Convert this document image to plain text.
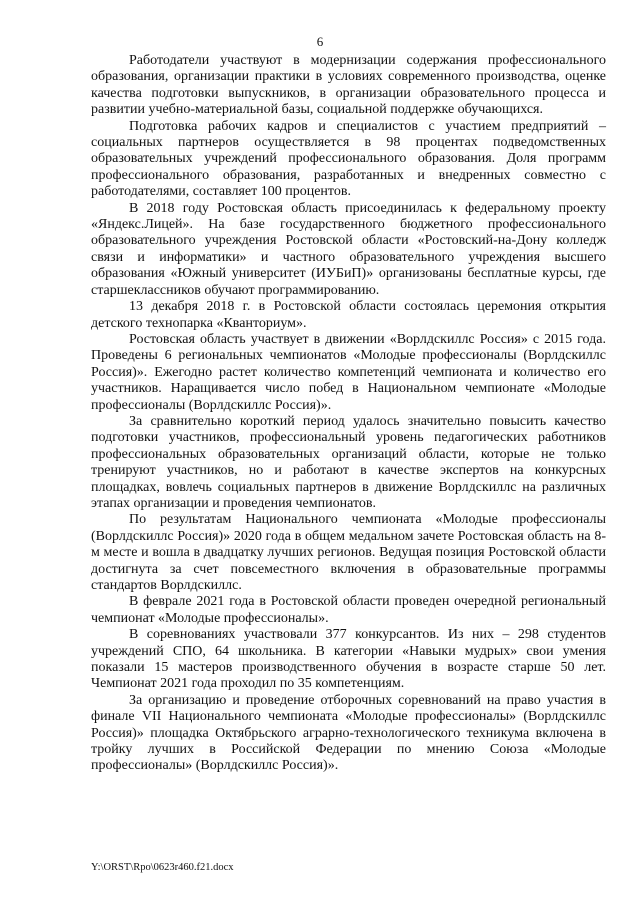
6

Работодатели участвуют в модернизации содержания профессионального образования, организации практики в условиях современного производства, оценке качества подготовки выпускников, в организации образовательного процесса и развитии учебно-материальной базы, социальной поддержке обучающихся.

Подготовка рабочих кадров и специалистов с участием предприятий – социальных партнеров осуществляется в 98 процентах подведомственных образовательных учреждений профессионального образования. Доля программ профессионального образования, разработанных и внедренных совместно с работодателями, составляет 100 процентов.

В 2018 году Ростовская область присоединилась к федеральному проекту «Яндекс.Лицей». На базе государственного бюджетного профессионального образовательного учреждения Ростовской области «Ростовский-на-Дону колледж связи и информатики» и частного образовательного учреждения высшего образования «Южный университет (ИУБиП)» организованы бесплатные курсы, где старшеклассников обучают программированию.

13 декабря 2018 г. в Ростовской области состоялась церемония открытия детского технопарка «Кванториум».

Ростовская область участвует в движении «Ворлдскиллс Россия» с 2015 года. Проведены 6 региональных чемпионатов «Молодые профессионалы (Ворлдскиллс Россия)». Ежегодно растет количество компетенций чемпионата и количество его участников. Наращивается число побед в Национальном чемпионате «Молодые профессионалы (Ворлдскиллс Россия)».

За сравнительно короткий период удалось значительно повысить качество подготовки участников, профессиональный уровень педагогических работников профессиональных образовательных организаций области, которые не только тренируют участников, но и работают в качестве экспертов на конкурсных площадках, вовлечь социальных партнеров в движение Ворлдскиллс на различных этапах организации и проведения чемпионатов.

По результатам Национального чемпионата «Молодые профессионалы (Ворлдскиллс Россия)» 2020 года в общем медальном зачете Ростовская область на 8-м месте и вошла в двадцатку лучших регионов. Ведущая позиция Ростовской области достигнута за счет повсеместного включения в образовательные программы стандартов Ворлдскиллс.

В феврале 2021 года в Ростовской области проведен очередной региональный чемпионат «Молодые профессионалы».

В соревнованиях участвовали 377 конкурсантов. Из них – 298 студентов учреждений СПО, 64 школьника. В категории «Навыки мудрых» свои умения показали 15 мастеров производственного обучения в возрасте старше 50 лет. Чемпионат 2021 года проходил по 35 компетенциям.

За организацию и проведение отборочных соревнований на право участия в финале VII Национального чемпионата «Молодые профессионалы» (Ворлдскиллс Россия)» площадка Октябрьского аграрно-технологического техникума включена в тройку лучших в Российской Федерации по мнению Союза «Молодые профессионалы» (Ворлдскиллс Россия)».

Y:\ORST\Rpo\0623r460.f21.docx
